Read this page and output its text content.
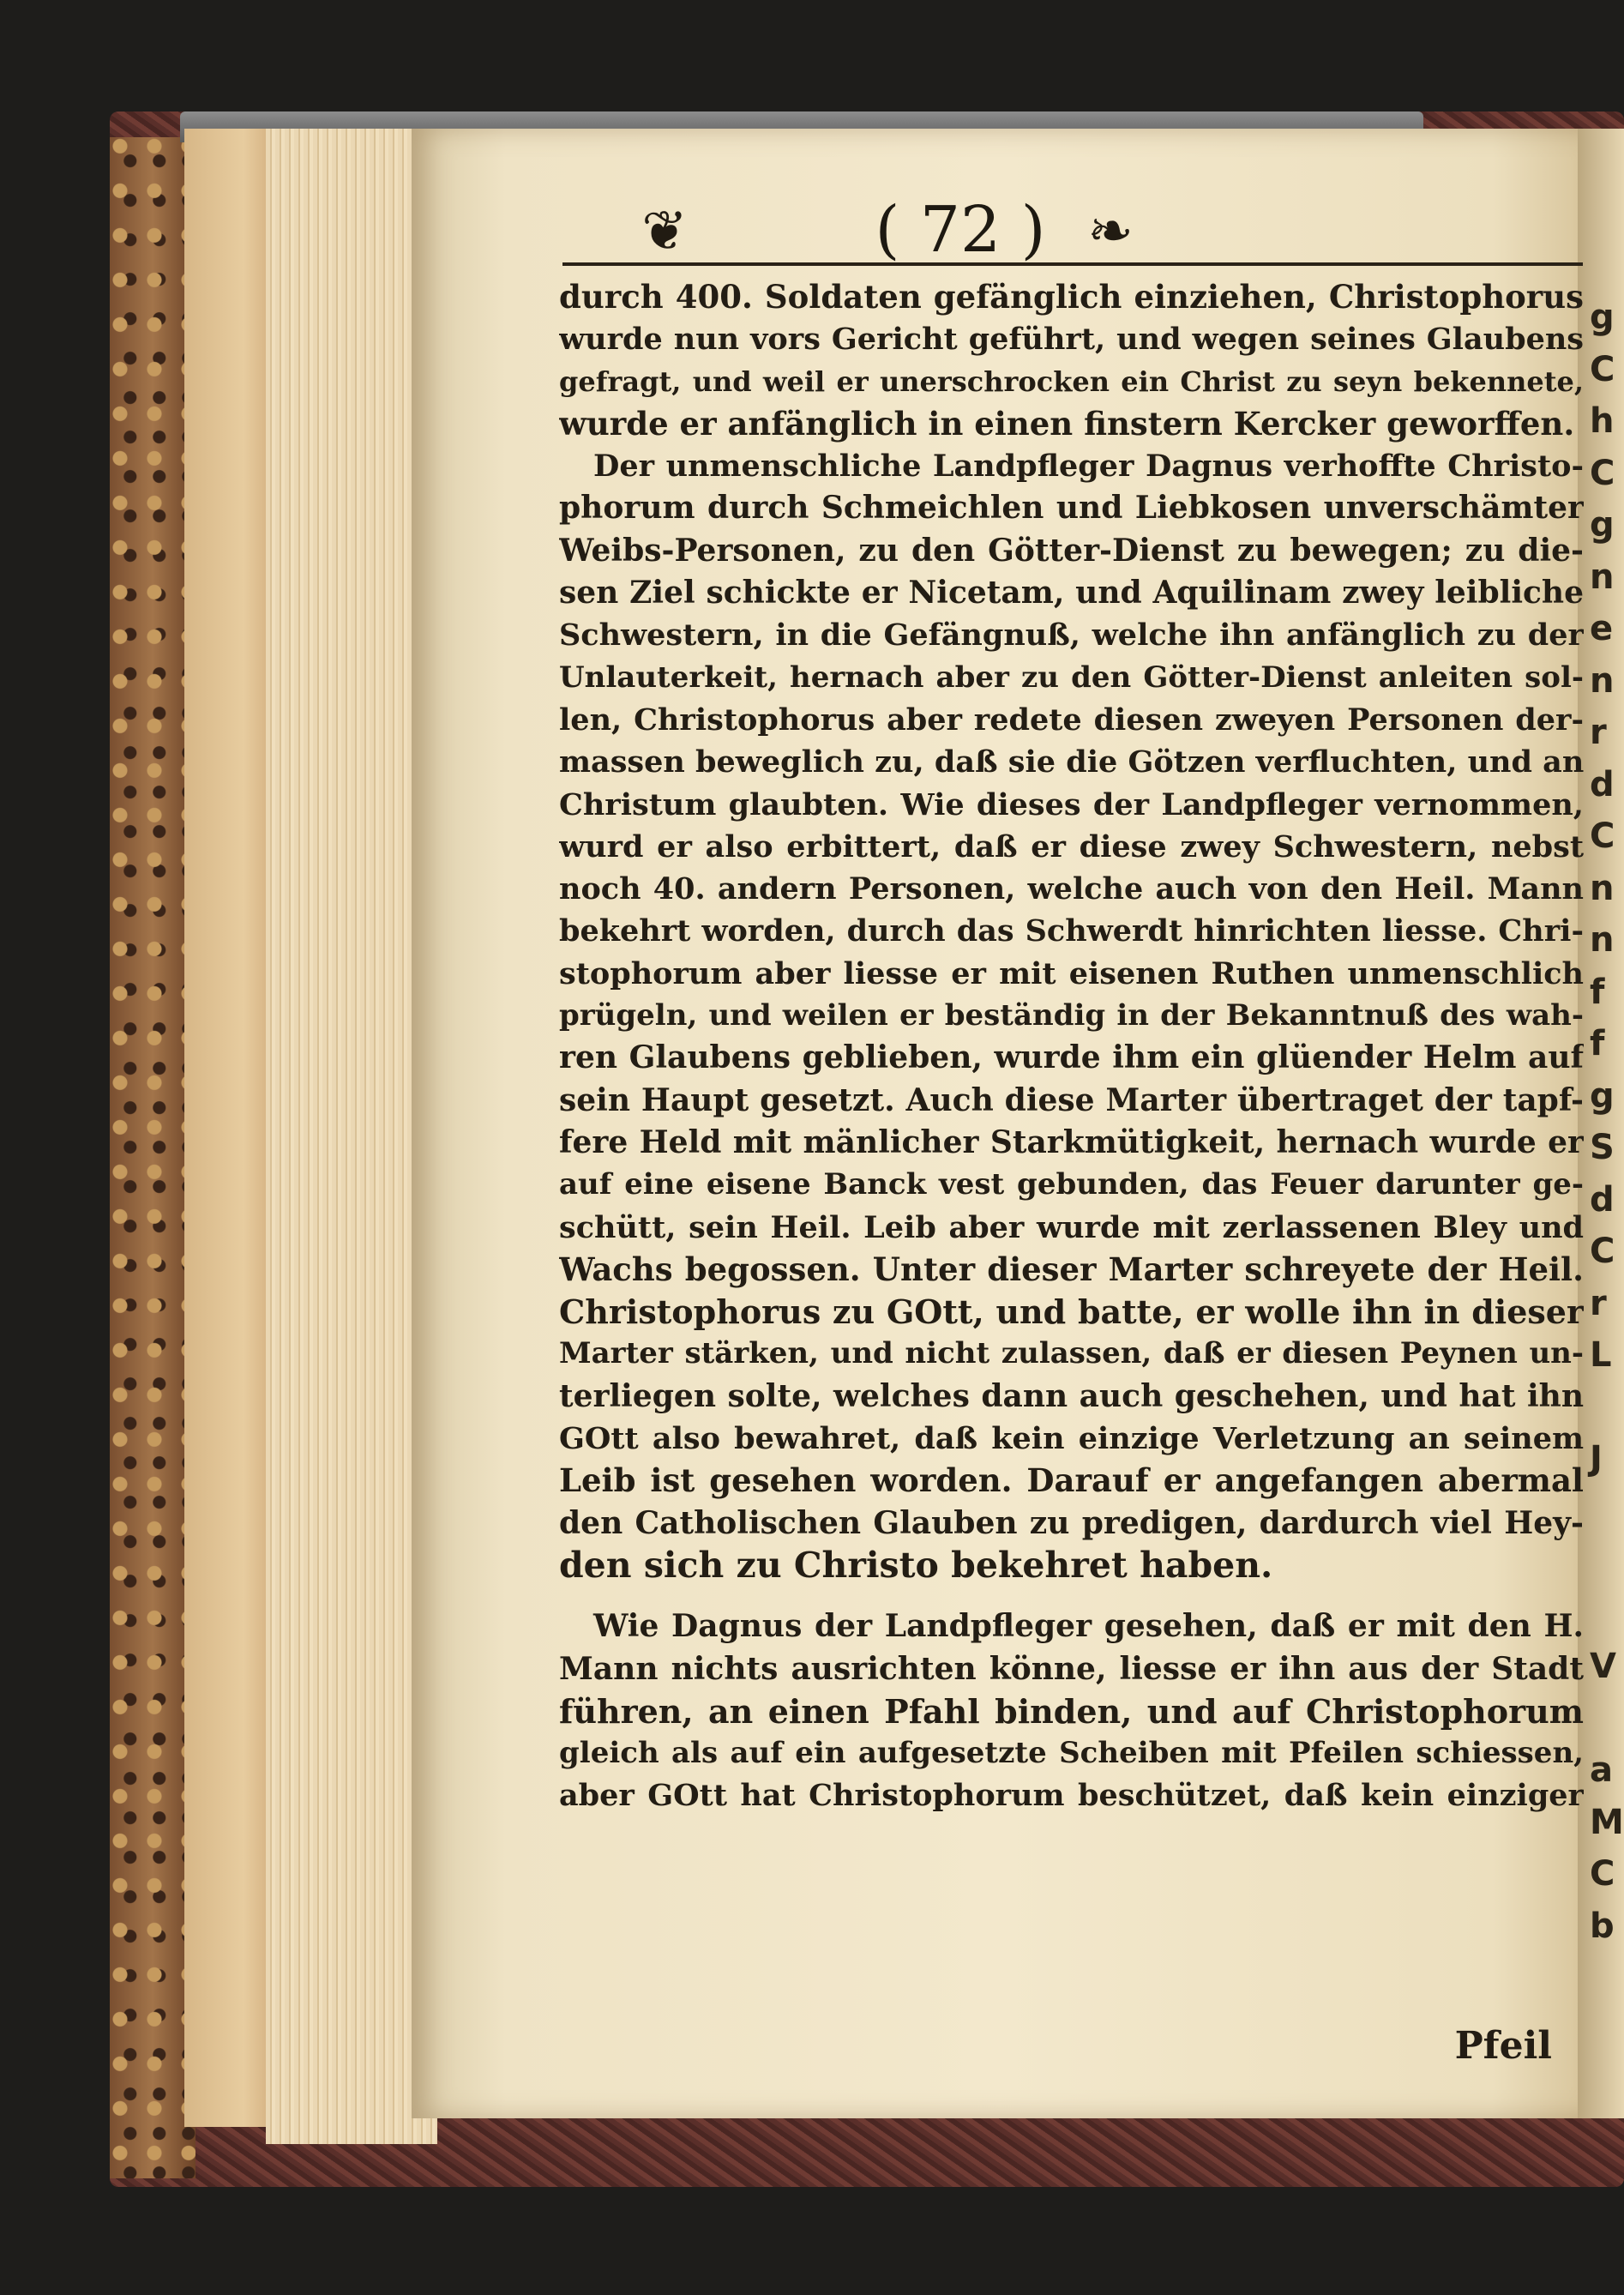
g
C
h
C
g
n
e
n
r
d
C
n
n
f
f
g
S
d
C
r
L

J

V

a
M
C
b
❦	( 72 ) ❧
durch 400. Soldaten gefänglich einziehen, Christophorus
wurde nun vors Gericht geführt, und wegen seines Glaubens
gefragt, und weil er unerschrocken ein Christ zu seyn bekennete,
wurde er anfänglich in einen finstern Kercker geworffen.
Der unmenschliche Landpfleger Dagnus verhoffte Christo-
phorum durch Schmeichlen und Liebkosen unverschämter
Weibs-Personen, zu den Götter-Dienst zu bewegen; zu die-
sen Ziel schickte er Nicetam, und Aquilinam zwey leibliche
Schwestern, in die Gefängnuß, welche ihn anfänglich zu der
Unlauterkeit, hernach aber zu den Götter-Dienst anleiten sol-
len, Christophorus aber redete diesen zweyen Personen der-
massen beweglich zu, daß sie die Götzen verfluchten, und an
Christum glaubten. Wie dieses der Landpfleger vernommen,
wurd er also erbittert, daß er diese zwey Schwestern, nebst
noch 40. andern Personen, welche auch von den Heil. Mann
bekehrt worden, durch das Schwerdt hinrichten liesse. Chri-
stophorum aber liesse er mit eisenen Ruthen unmenschlich
prügeln, und weilen er beständig in der Bekanntnuß des wah-
ren Glaubens geblieben, wurde ihm ein glüender Helm auf
sein Haupt gesetzt. Auch diese Marter übertraget der tapf-
fere Held mit mänlicher Starkmütigkeit, hernach wurde er
auf eine eisene Banck vest gebunden, das Feuer darunter ge-
schütt, sein Heil. Leib aber wurde mit zerlassenen Bley und
Wachs begossen. Unter dieser Marter schreyete der Heil.
Christophorus zu GOtt, und batte, er wolle ihn in dieser
Marter stärken, und nicht zulassen, daß er diesen Peynen un-
terliegen solte, welches dann auch geschehen, und hat ihn
GOtt also bewahret, daß kein einzige Verletzung an seinem
Leib ist gesehen worden. Darauf er angefangen abermal
den Catholischen Glauben zu predigen, dardurch viel Hey-
den sich zu Christo bekehret haben.
Wie Dagnus der Landpfleger gesehen, daß er mit den H.
Mann nichts ausrichten könne, liesse er ihn aus der Stadt
führen, an einen Pfahl binden, und auf Christophorum
gleich als auf ein aufgesetzte Scheiben mit Pfeilen schiessen,
aber GOtt hat Christophorum beschützet, daß kein einziger
Pfeil
